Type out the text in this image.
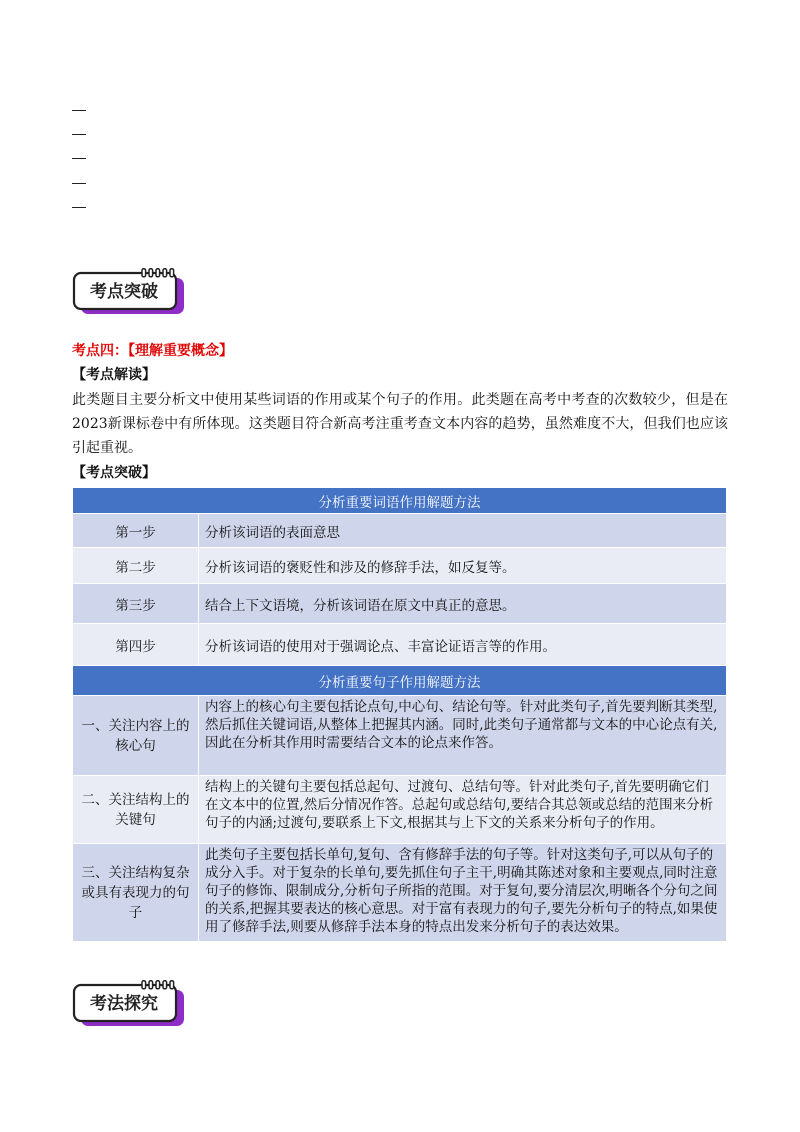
考点突破
考点四：【理解重要概念】
【考点解读】
此类题目主要分析文中使用某些词语的作用或某个句子的作用。此类题在高考中考查的次数较少，但是在2023新课标卷中有所体现。这类题目符合新高考注重考查文本内容的趋势，虽然难度不大，但我们也应该引起重视。
【考点突破】
分析重要词语作用解题方法	
第一步	分析该词语的表面意思
第二步	分析该词语的褒贬性和涉及的修辞手法，如反复等。
第三步	结合上下文语境，分析该词语在原文中真正的意思。
第四步	分析该词语的使用对于强调论点、丰富论证语言等的作用。
分析重要句子作用解题方法	
一、关注内容上的核心句	内容上的核心句主要包括论点句,中心句、结论句等。针对此类句子,首先要判断其类型,然后抓住关键词语,从整体上把握其内涵。同时,此类句子通常都与文本的中心论点有关,因此在分析其作用时需要结合文本的论点来作答。
二、关注结构上的关键句	结构上的关键句主要包括总起句、过渡句、总结句等。针对此类句子,首先要明确它们在文本中的位置,然后分情况作答。总起句或总结句,要结合其总领或总结的范围来分析句子的内涵;过渡句,要联系上下文,根据其与上下文的关系来分析句子的作用。
三、关注结构复杂或具有表现力的句子	此类句子主要包括长单句,复句、含有修辞手法的句子等。针对这类句子,可以从句子的成分入手。对于复杂的长单句,要先抓住句子主干,明确其陈述对象和主要观点,同时注意句子的修饰、限制成分,分析句子所指的范围。对于复句,要分清层次,明晰各个分句之间的关系,把握其要表达的核心意思。对于富有表现力的句子,要先分析句子的特点,如果使用了修辞手法,则要从修辞手法本身的特点出发来分析句子的表达效果。
考法探究
